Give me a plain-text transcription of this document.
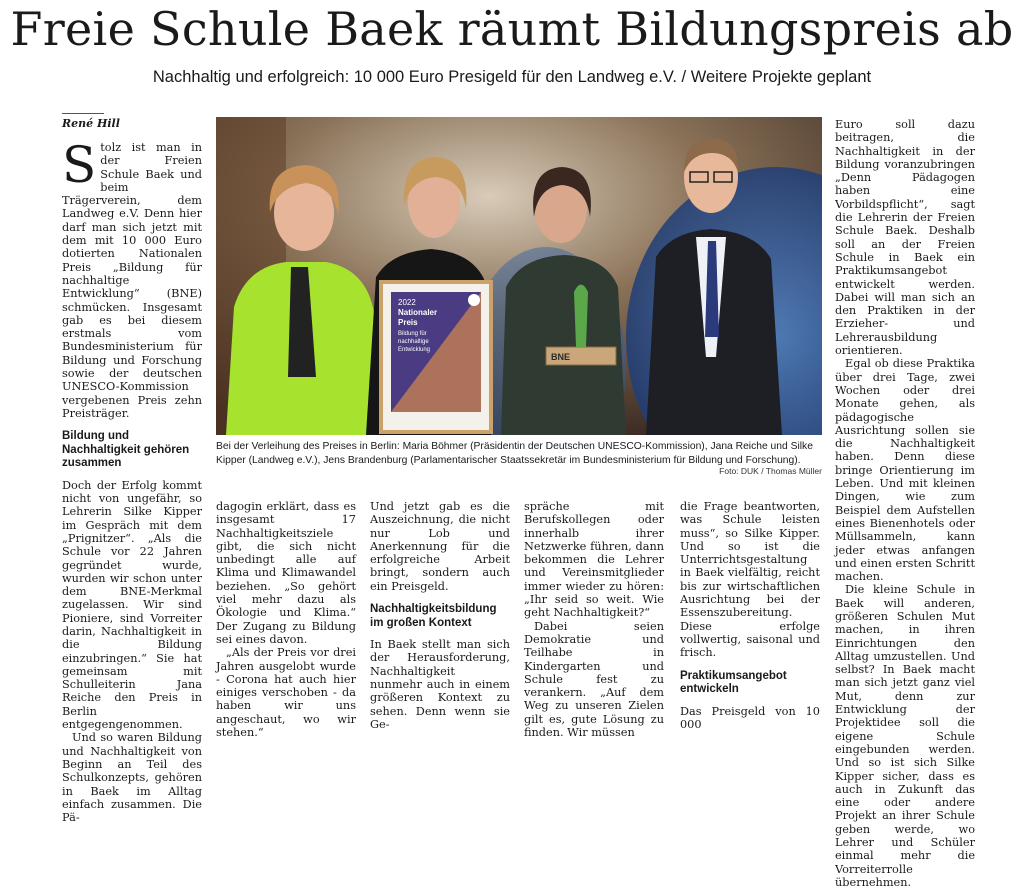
Freie Schule Baek räumt Bildungspreis ab
Nachhaltig und erfolgreich: 10 000 Euro Presigeld für den Landweg e.V. / Weitere Projekte geplant
René Hill

Stolz ist man in der Freien Schule Baek und beim Trägerverein, dem Landweg e.V. Denn hier darf man sich jetzt mit dem mit 10 000 Euro dotierten Nationalen Preis „Bildung für nachhaltige Entwicklung“ (BNE) schmücken. Insgesamt gab es bei diesem erstmals vom Bundesministerium für Bildung und Forschung sowie der deutschen UNESCO-Kommission vergebenen Preis zehn Preisträger.

Bildung und Nachhaltigkeit gehören zusammen

Doch der Erfolg kommt nicht von ungefähr, so Lehrerin Silke Kipper im Gespräch mit dem „Prignitzer“. „Als die Schule vor 22 Jahren gegründet wurde, wurden wir schon unter dem BNE-Merkmal zugelassen. Wir sind Pioniere, sind Vorreiter darin, Nachhaltigkeit in die Bildung einzubringen.“ Sie hat gemeinsam mit Schulleiterin Jana Reiche den Preis in Berlin entgegengenommen.

Und so waren Bildung und Nachhaltigkeit von Beginn an Teil des Schulkonzepts, gehören in Baek im Alltag einfach zusammen. Die Pä-

2022
Nationaler
Preis
Bildung für
nachhaltige
Entwicklung
BNE
Bei der Verleihung des Preises in Berlin: Maria Böhmer (Präsidentin der Deutschen UNESCO-Kommission), Jana Reiche und Silke Kipper (Landweg e.V.), Jens Brandenburg (Parlamentarischer Staatssekretär im Bundesministerium für Bildung und Forschung).
Foto: DUK / Thomas Müller

dagogin erklärt, dass es insgesamt 17 Nachhaltigkeitsziele gibt, die sich nicht unbedingt alle auf Klima und Klimawandel beziehen. „So gehört viel mehr dazu als Ökologie und Klima.“ Der Zugang zu Bildung sei eines davon.

„Als der Preis vor drei Jahren ausgelobt wurde - Corona hat auch hier einiges verschoben - da haben wir uns angeschaut, wo wir stehen.“

Und jetzt gab es die Auszeichnung, die nicht nur Lob und Anerkennung für die erfolgreiche Arbeit bringt, sondern auch ein Preisgeld.

Nachhaltigkeitsbildung im großen Kontext

In Baek stellt man sich der Herausforderung, Nachhaltigkeit nunmehr auch in einem größeren Kontext zu sehen. Denn wenn sie Ge-

spräche mit Berufskollegen oder innerhalb ihrer Netzwerke führen, dann bekommen die Lehrer und Vereinsmitglieder immer wieder zu hören: „Ihr seid so weit. Wie geht Nachhaltigkeit?“

Dabei seien Demokratie und Teilhabe in Kindergarten und Schule fest zu verankern. „Auf dem Weg zu unseren Zielen gilt es, gute Lösung zu finden. Wir müssen

die Frage beantworten, was Schule leisten muss“, so Silke Kipper. Und so ist die Unterrichtsgestaltung in Baek vielfältig, reicht bis zur wirtschaftlichen Ausrichtung bei der Essenszubereitung. Diese erfolge vollwertig, saisonal und frisch.

Praktikumsangebot entwickeln

Das Preisgeld von 10 000

Euro soll dazu beitragen, die Nachhaltigkeit in der Bildung voranzubringen „Denn Pädagogen haben eine Vorbildspflicht“, sagt die Lehrerin der Freien Schule Baek. Deshalb soll an der Freien Schule in Baek ein Praktikumsangebot entwickelt werden. Dabei will man sich an den Praktiken in der Erzieher- und Lehrerausbildung orientieren.

Egal ob diese Praktika über drei Tage, zwei Wochen oder drei Monate gehen, als pädagogische Ausrichtung sollen sie die Nachhaltigkeit haben. Denn diese bringe Orientierung im Leben. Und mit kleinen Dingen, wie zum Beispiel dem Aufstellen eines Bienenhotels oder Müllsammeln, kann jeder etwas anfangen und einen ersten Schritt machen.

Die kleine Schule in Baek will anderen, größeren Schulen Mut machen, in ihren Einrichtungen den Alltag umzustellen. Und selbst? In Baek macht man sich jetzt ganz viel Mut, denn zur Entwicklung der Projektidee soll die eigene Schule eingebunden werden. Und so ist sich Silke Kipper sicher, dass es auch in Zukunft das eine oder andere Projekt an ihrer Schule geben werde, wo Lehrer und Schüler einmal mehr die Vorreiterrolle übernehmen.
